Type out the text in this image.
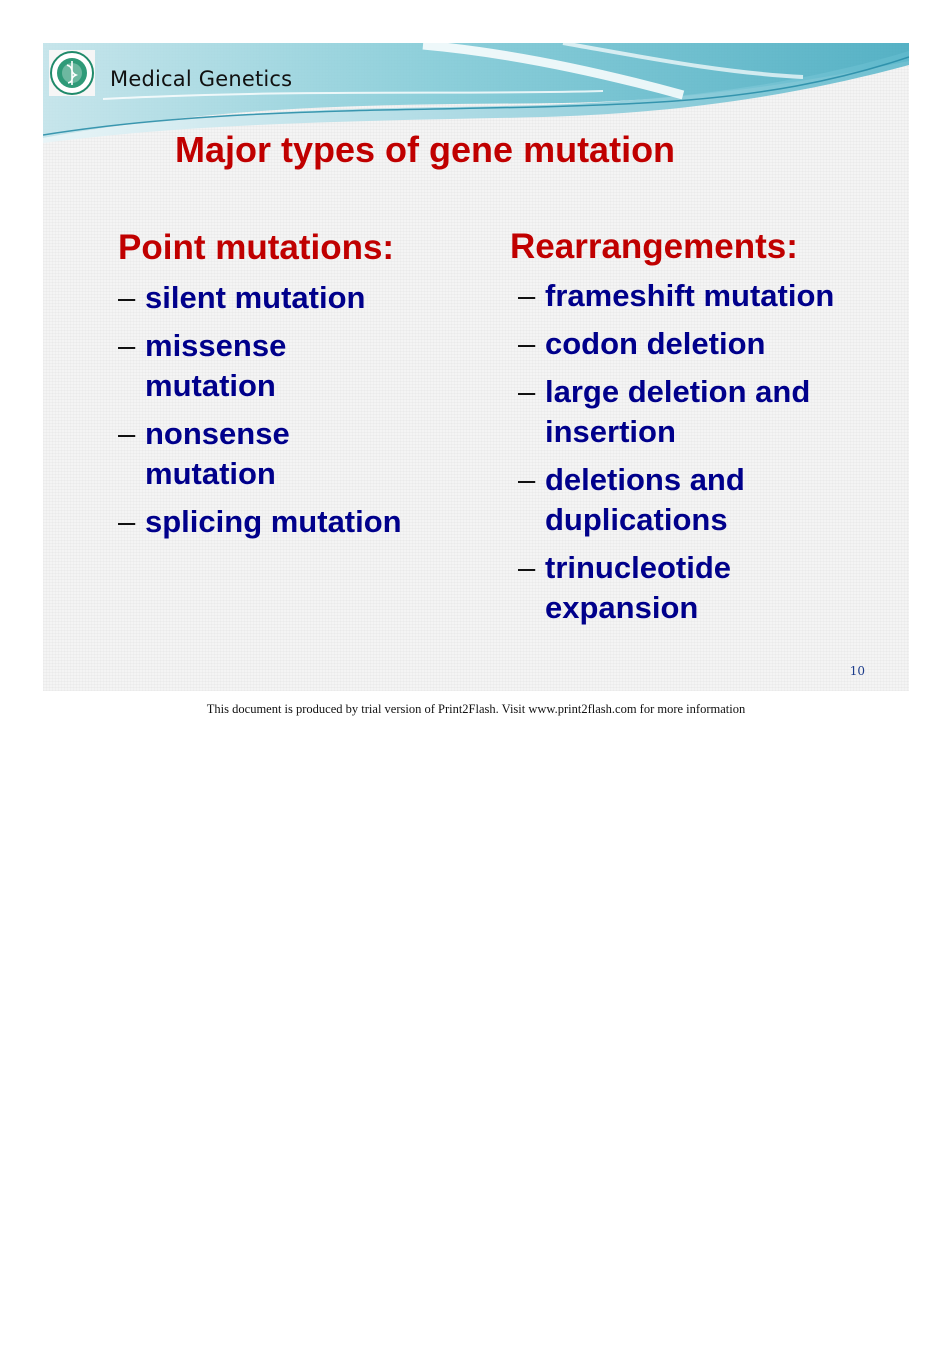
Medical Genetics
Major types of gene mutation
Point mutations:
– silent mutation
– missense mutation
– nonsense mutation
– splicing mutation
Rearrangements:
– frameshift mutation
– codon deletion
– large deletion and insertion
– deletions and duplications
– trinucleotide expansion
10
This document is produced by trial version of Print2Flash. Visit www.print2flash.com for more information
